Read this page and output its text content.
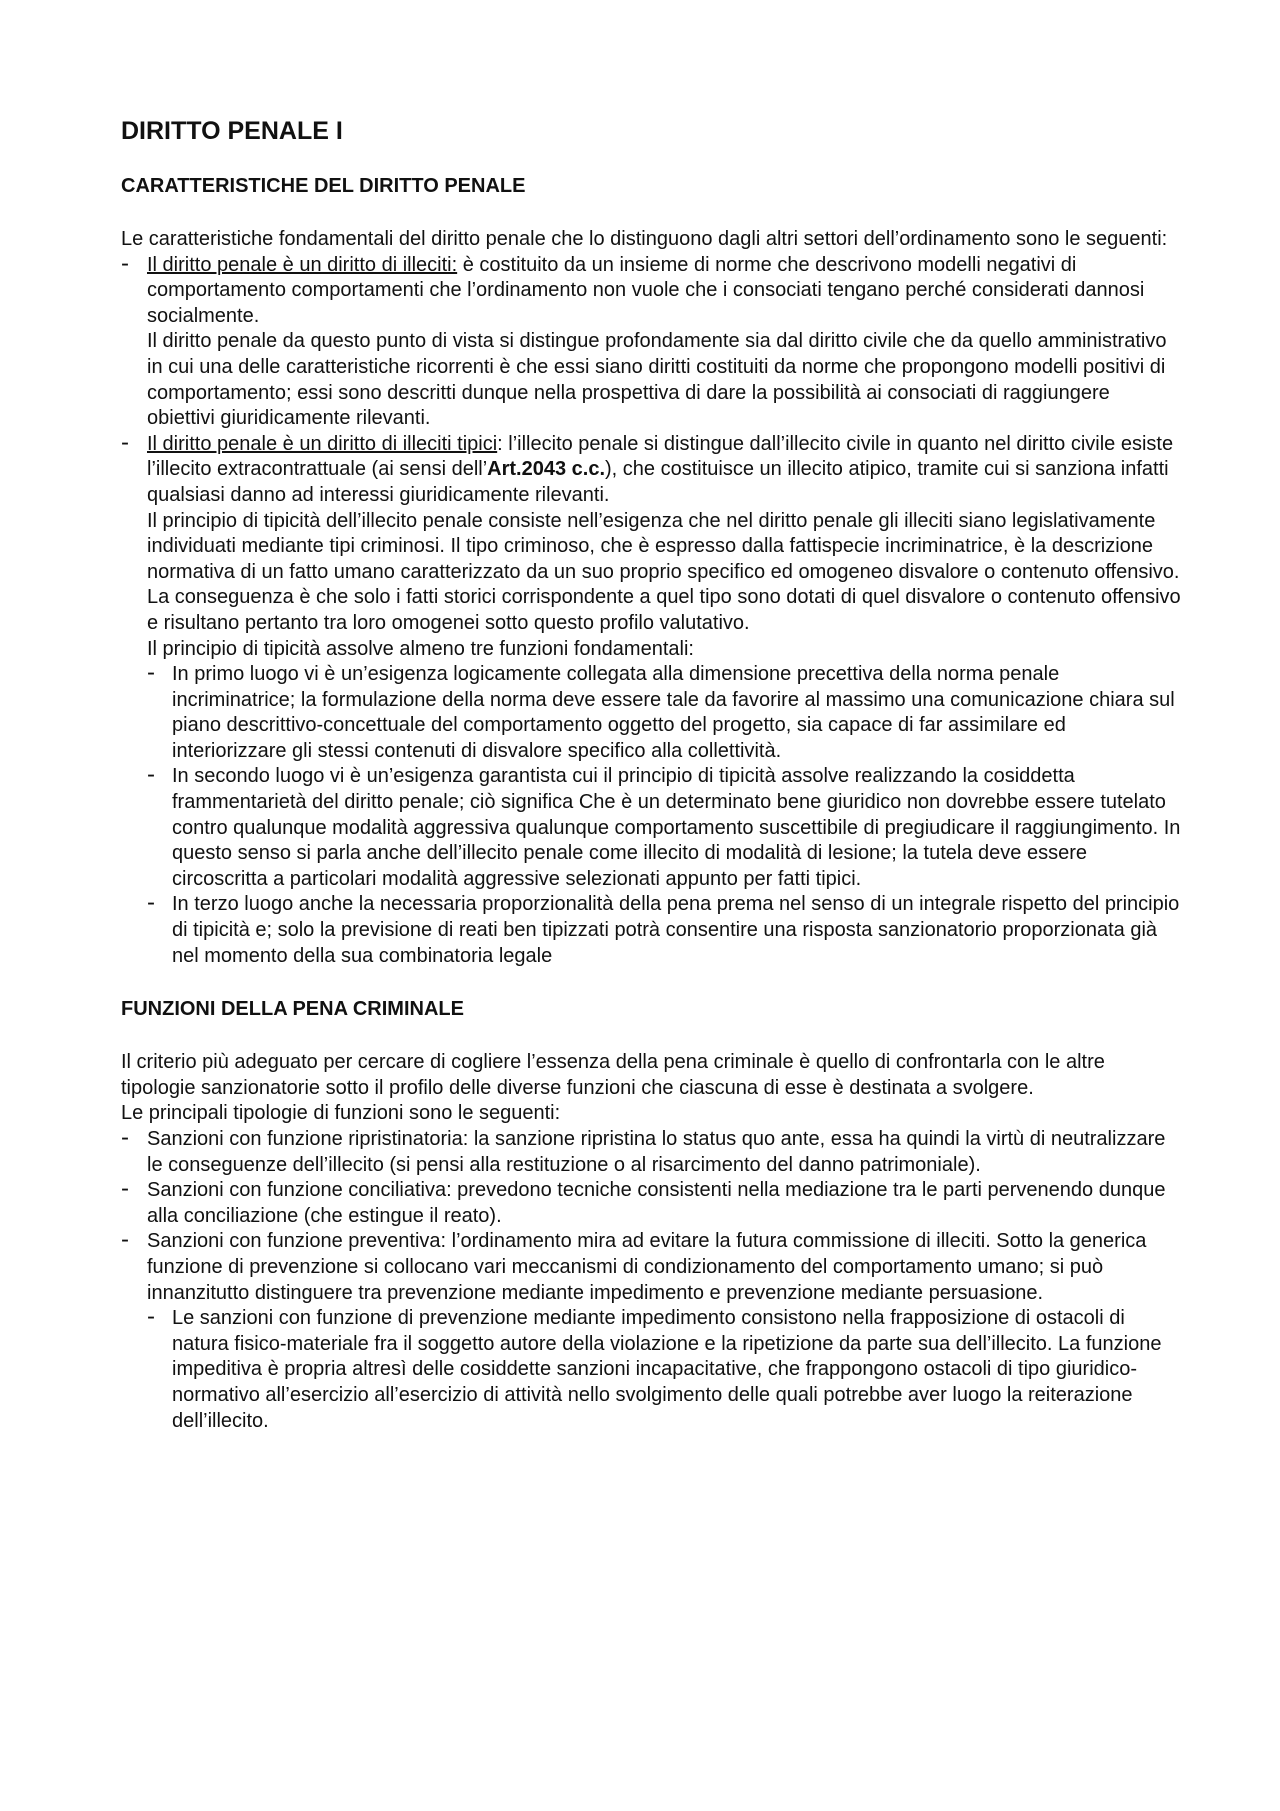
DIRITTO PENALE I
CARATTERISTICHE DEL DIRITTO PENALE

Le caratteristiche fondamentali del diritto penale che lo distinguono dagli altri settori dell’ordinamento sono le seguenti:

- Il diritto penale è un diritto di illeciti: è costituito da un insieme di norme che descrivono modelli negativi di comportamento comportamenti che l’ordinamento non vuole che i consociati tengano perché considerati dannosi socialmente.

Il diritto penale da questo punto di vista si distingue profondamente sia dal diritto civile che da quello amministrativo in cui una delle caratteristiche ricorrenti è che essi siano diritti costituiti da norme che propongono modelli positivi di comportamento; essi sono descritti dunque nella prospettiva di dare la possibilità ai consociati di raggiungere obiettivi giuridicamente rilevanti.

- Il diritto penale è un diritto di illeciti tipici: l’illecito penale si distingue dall’illecito civile in quanto nel diritto civile esiste l’illecito extracontrattuale (ai sensi dell’Art.2043 c.c.), che costituisce un illecito atipico, tramite cui si sanziona infatti qualsiasi danno ad interessi giuridicamente rilevanti.

Il principio di tipicità dell’illecito penale consiste nell’esigenza che nel diritto penale gli illeciti siano legislativamente individuati mediante tipi criminosi. Il tipo criminoso, che è espresso dalla fattispecie incriminatrice, è la descrizione normativa di un fatto umano caratterizzato da un suo proprio specifico ed omogeneo disvalore o contenuto offensivo. La conseguenza è che solo i fatti storici corrispondente a quel tipo sono dotati di quel disvalore o contenuto offensivo e risultano pertanto tra loro omogenei sotto questo profilo valutativo.

Il principio di tipicità assolve almeno tre funzioni fondamentali:

- In primo luogo vi è un’esigenza logicamente collegata alla dimensione precettiva della norma penale incriminatrice; la formulazione della norma deve essere tale da favorire al massimo una comunicazione chiara sul piano descrittivo-concettuale del comportamento oggetto del progetto, sia capace di far assimilare ed interiorizzare gli stessi contenuti di disvalore specifico alla collettività.
- In secondo luogo vi è un’esigenza garantista cui il principio di tipicità assolve realizzando la cosiddetta frammentarietà del diritto penale; ciò significa Che è un determinato bene giuridico non dovrebbe essere tutelato contro qualunque modalità aggressiva qualunque comportamento suscettibile di pregiudicare il raggiungimento. In questo senso si parla anche dell’illecito penale come illecito di modalità di lesione; la tutela deve essere circoscritta a particolari modalità aggressive selezionati appunto per fatti tipici.
- In terzo luogo anche la necessaria proporzionalità della pena prema nel senso di un integrale rispetto del principio di tipicità e; solo la previsione di reati ben tipizzati potrà consentire una risposta sanzionatorio proporzionata già nel momento della sua combinatoria legale
FUNZIONI DELLA PENA CRIMINALE

Il criterio più adeguato per cercare di cogliere l’essenza della pena criminale è quello di confrontarla con le altre tipologie sanzionatorie sotto il profilo delle diverse funzioni che ciascuna di esse è destinata a svolgere.

Le principali tipologie di funzioni sono le seguenti:

- Sanzioni con funzione ripristinatoria: la sanzione ripristina lo status quo ante, essa ha quindi la virtù di neutralizzare le conseguenze dell’illecito (si pensi alla restituzione o al risarcimento del danno patrimoniale).
- Sanzioni con funzione conciliativa: prevedono tecniche consistenti nella mediazione tra le parti pervenendo dunque alla conciliazione (che estingue il reato).
- Sanzioni con funzione preventiva: l’ordinamento mira ad evitare la futura commissione di illeciti. Sotto la generica funzione di prevenzione si collocano vari meccanismi di condizionamento del comportamento umano; si può innanzitutto distinguere tra prevenzione mediante impedimento e prevenzione mediante persuasione.
- Le sanzioni con funzione di prevenzione mediante impedimento consistono nella frapposizione di ostacoli di natura fisico-materiale fra il soggetto autore della violazione e la ripetizione da parte sua dell’illecito. La funzione impeditiva è propria altresì delle cosiddette sanzioni incapacitative, che frappongono ostacoli di tipo giuridico-normativo all’esercizio all’esercizio di attività nello svolgimento delle quali potrebbe aver luogo la reiterazione dell’illecito.
